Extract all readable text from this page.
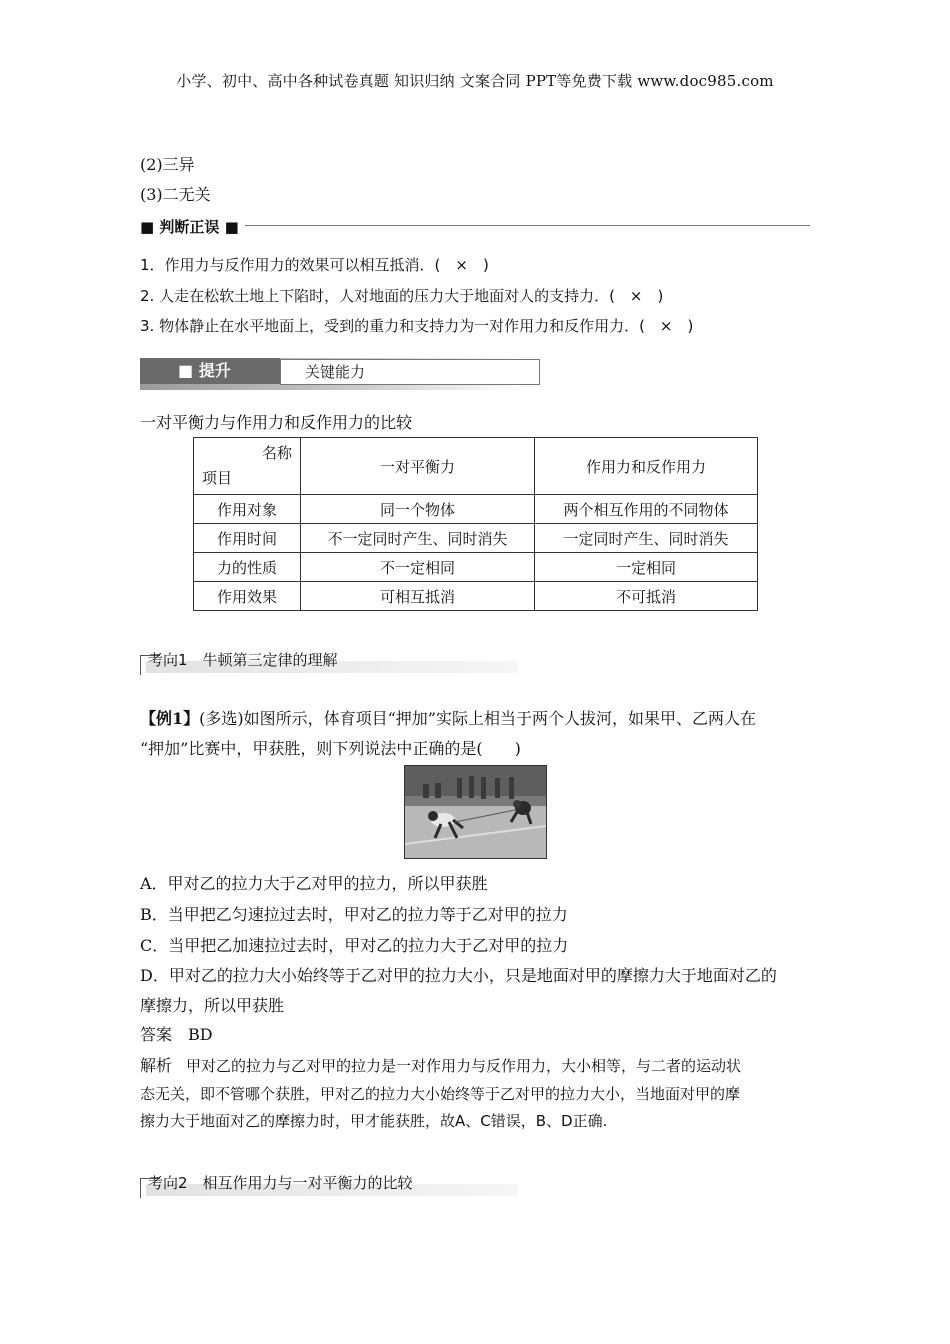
小学、初中、高中各种试卷真题 知识归纳 文案合同 PPT等免费下载 www.doc985.com
(2)三异
(3)二无关
■ 判断正误 ■
1．作用力与反作用力的效果可以相互抵消．(　×　)
2. 人走在松软土地上下陷时，人对地面的压力大于地面对人的支持力．(　×　)
3. 物体静止在水平地面上，受到的重力和支持力为一对作用力和反作用力．(　×　)
■ 提升	关键能力
一对平衡力与作用力和反作用力的比较
名称
项目	一对平衡力	作用力和反作用力
作用对象	同一个物体	两个相互作用的不同物体
作用时间	不一定同时产生、同时消失	一定同时产生、同时消失
力的性质	不一定相同	一定相同
作用效果	可相互抵消	不可抵消
考向1　牛顿第三定律的理解
【例1】(多选)如图所示，体育项目“押加”实际上相当于两个人拔河，如果甲、乙两人在
“押加”比赛中，甲获胜，则下列说法中正确的是(　　)
A．甲对乙的拉力大于乙对甲的拉力，所以甲获胜
B．当甲把乙匀速拉过去时，甲对乙的拉力等于乙对甲的拉力
C．当甲把乙加速拉过去时，甲对乙的拉力大于乙对甲的拉力
D．甲对乙的拉力大小始终等于乙对甲的拉力大小，只是地面对甲的摩擦力大于地面对乙的
摩擦力，所以甲获胜
答案 BD
解析 甲对乙的拉力与乙对甲的拉力是一对作用力与反作用力，大小相等，与二者的运动状
态无关，即不管哪个获胜，甲对乙的拉力大小始终等于乙对甲的拉力大小，当地面对甲的摩
擦力大于地面对乙的摩擦力时，甲才能获胜，故A、C错误，B、D正确.
考向2　相互作用力与一对平衡力的比较
